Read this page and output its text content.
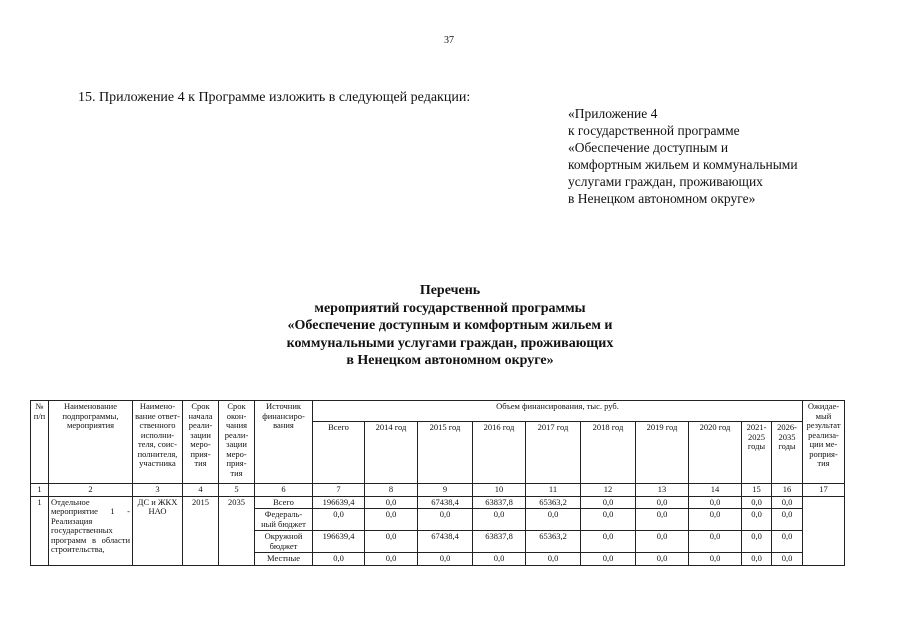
37
15. Приложение 4 к Программе изложить в следующей редакции:
«Приложение 4
к государственной программе
«Обеспечение доступным и
комфортным жильем и коммунальными
услугами граждан, проживающих
в Ненецком автономном округе»
Перечень
мероприятий государственной программы
«Обеспечение доступным и комфортным жильем и
коммунальными услугами граждан, проживающих
в Ненецком автономном округе»
№ п/п	Наименование подпрограммы, мероприятия	Наимено- вание ответ- ственного исполни- теля, соис- полнителя, участника	Срок начала реали- зации меро- прия- тия	Срок окон- чания реали- зации меро- прия- тия	Источник финансиро- вания	Объем финансирования, тыс. руб.										Ожидае- мый результат реализа- ции ме- роприя- тия
						Всего	2014 год	2015 год	2016 год	2017 год	2018 год	2019 год	2020 год	2021- 2025 годы	2026- 2035 годы	
1	2	3	4	5	6	7	8	9	10	11	12	13	14	15	16	17
1	Отдельное мероприятие 1 - Реализация государственных программ в области строительства,	ДС и ЖКХ НАО	2015	2035	Всего	196639,4	0,0	67438,4	63837,8	65363,2	0,0	0,0	0,0	0,0	0,0	
					Федераль- ный бюджет	0,0	0,0	0,0	0,0	0,0	0,0	0,0	0,0	0,0	0,0	
					Окружной бюджет	196639,4	0,0	67438,4	63837,8	65363,2	0,0	0,0	0,0	0,0	0,0	
					Местные	0,0	0,0	0,0	0,0	0,0	0,0	0,0	0,0	0,0	0,0	
